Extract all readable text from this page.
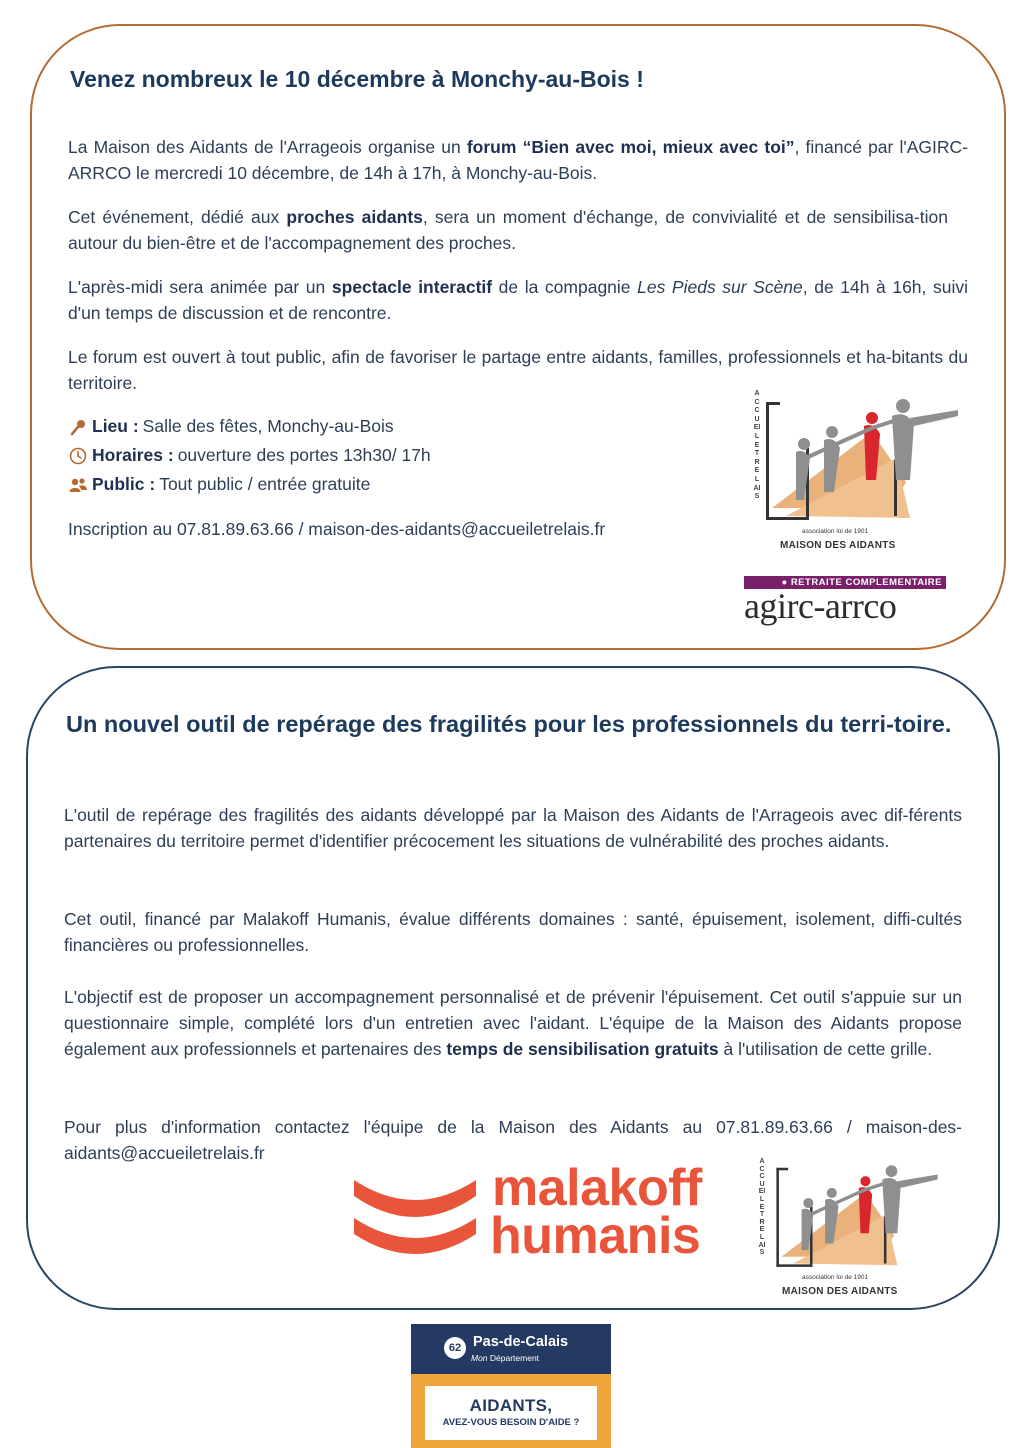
Venez nombreux le 10 décembre à Monchy-au-Bois !

La Maison des Aidants de l'Arrageois organise un forum “Bien avec moi, mieux avec toi”, financé par l'AGIRC-ARRCO le mercredi 10 décembre, de 14h à 17h, à Monchy-au-Bois.

Cet événement, dédié aux proches aidants, sera un moment d'échange, de convivialité et de sensibilisa-tion autour du bien-être et de l'accompagnement des proches.

L'après-midi sera animée par un spectacle interactif de la compagnie Les Pieds sur Scène, de 14h à 16h, suivi d'un temps de discussion et de rencontre.

Le forum est ouvert à tout public, afin de favoriser le partage entre aidants, familles, professionnels et ha-bitants du territoire.

Lieu : Salle des fêtes, Monchy-au-Bois
Horaires : ouverture des portes 13h30/ 17h
Public : Tout public / entrée gratuite

Inscription au 07.81.89.63.66 / maison-des-aidants@accueiletrelais.fr

ACCUEIL ET RELAIS
association loi de 1901
MAISON DES AIDANTS
● RETRAITE COMPLEMENTAIRE
agirc-arrco
Un nouvel outil de repérage des fragilités pour les professionnels du terri-toire.

L'outil de repérage des fragilités des aidants développé par la Maison des Aidants de l'Arrageois avec dif-férents partenaires du territoire permet d'identifier précocement les situations de vulnérabilité des proches aidants.

Cet outil, financé par Malakoff Humanis, évalue différents domaines : santé, épuisement, isolement, diffi-cultés financières ou professionnelles.

L'objectif est de proposer un accompagnement personnalisé et de prévenir l'épuisement. Cet outil s'appuie sur un questionnaire simple, complété lors d'un entretien avec l'aidant. L'équipe de la Maison des Aidants propose également aux professionnels et partenaires des temps de sensibilisation gratuits à l'utilisation de cette grille.

Pour plus d'information contactez l'équipe de la Maison des Aidants au 07.81.89.63.66 / maison-des-aidants@accueiletrelais.fr

malakoff
humanis
ACCUEIL ET RELAIS
association loi de 1901
MAISON DES AIDANTS
62 Pas-de-Calais
Mon Département
AIDANTS,
AVEZ-VOUS BESOIN D'AIDE ?
